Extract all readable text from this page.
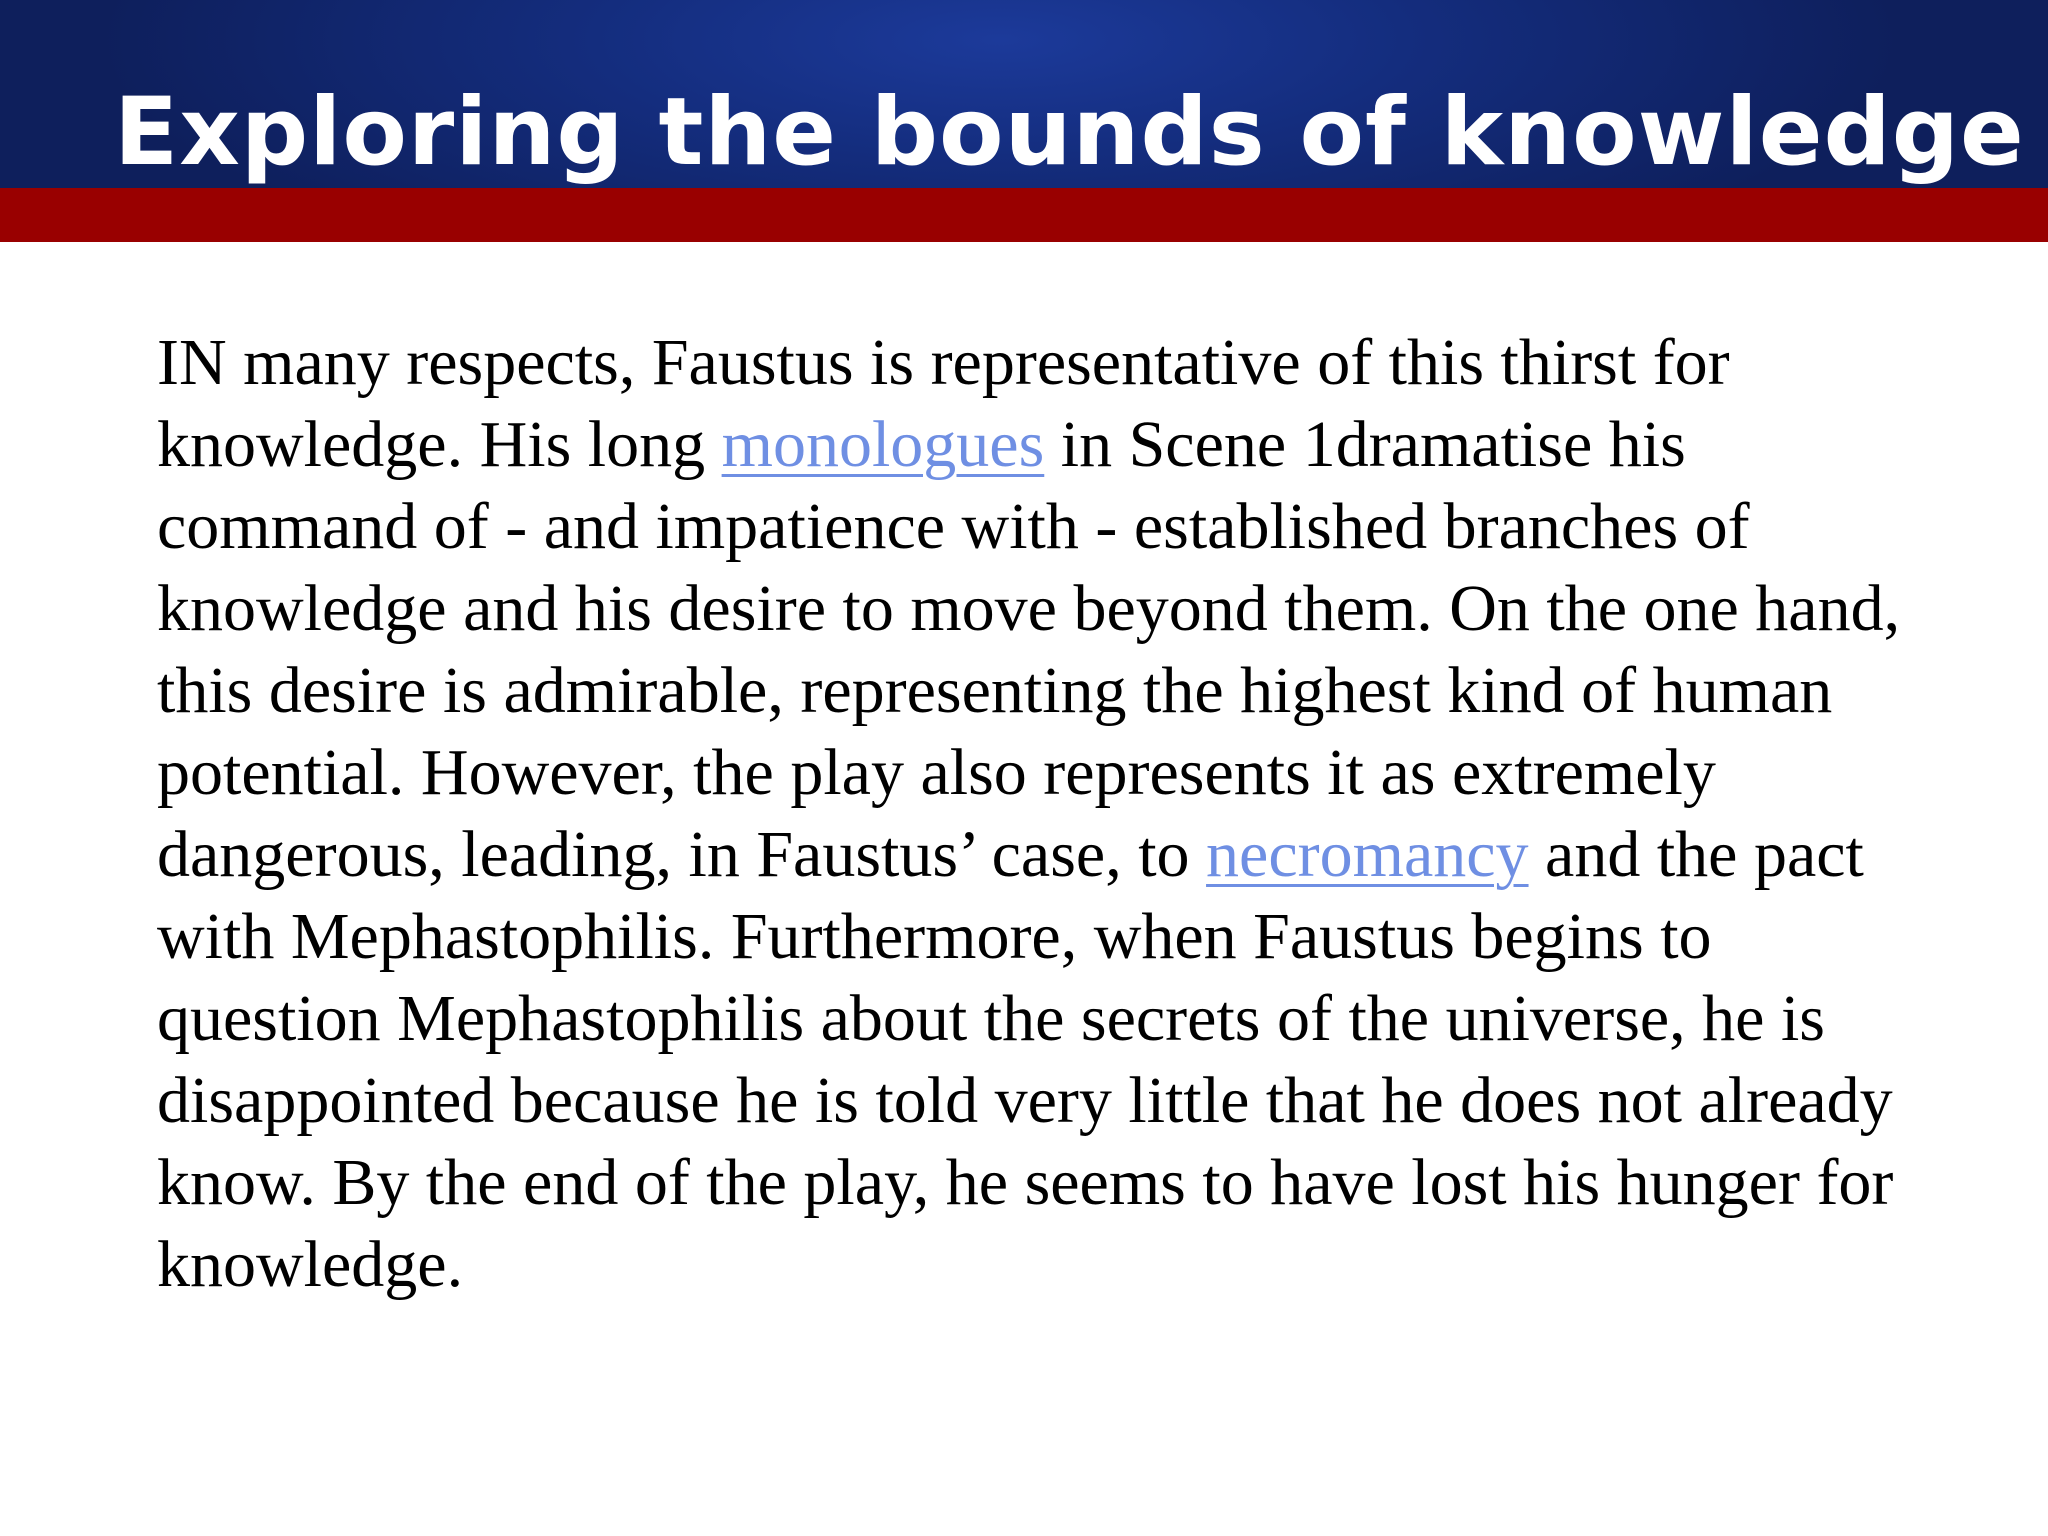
Exploring the bounds of knowledge

IN many respects, Faustus is representative of this thirst for
knowledge. His long monologues in Scene 1dramatise his
command of - and impatience with - established branches of
knowledge and his desire to move beyond them. On the one hand,
this desire is admirable, representing the highest kind of human
potential. However, the play also represents it as extremely
dangerous, leading, in Faustus’ case, to necromancy and the pact
with Mephastophilis. Furthermore, when Faustus begins to
question Mephastophilis about the secrets of the universe, he is
disappointed because he is told very little that he does not already
know. By the end of the play, he seems to have lost his hunger for
knowledge.
